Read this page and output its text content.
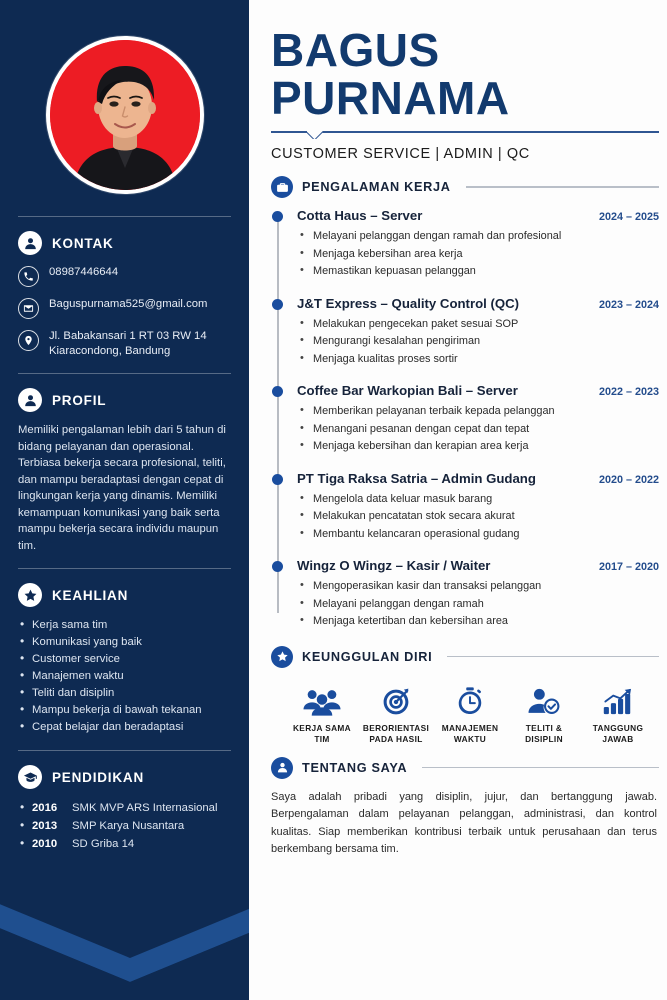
KONTAK
08987446644
Baguspurnama525@gmail.com
Jl. Babakansari 1 RT 03 RW 14
Kiaracondong, Bandung
PROFIL

Memiliki pengalaman lebih dari 5 tahun di bidang pelayanan dan operasional. Terbiasa bekerja secara profesional, teliti, dan mampu beradaptasi dengan cepat di lingkungan kerja yang dinamis. Memiliki kemampuan komunikasi yang baik serta mampu bekerja secara individu maupun tim.

KEAHLIAN
• Kerja sama tim
• Komunikasi yang baik
• Customer service
• Manajemen waktu
• Teliti dan disiplin
• Mampu bekerja di bawah tekanan
• Cepat belajar dan beradaptasi
PENDIDIKAN
• 2016 SMK MVP ARS Internasional
• 2013 SMP Karya Nusantara
• 2010 SD Griba 14
BAGUS
PURNAMA
CUSTOMER SERVICE | ADMIN | QC
PENGALAMAN KERJA
Cotta Haus – Server	2024 – 2025
• Melayani pelanggan dengan ramah dan profesional
• Menjaga kebersihan area kerja
• Memastikan kepuasan pelanggan
J&T Express – Quality Control (QC)	2023 – 2024
• Melakukan pengecekan paket sesuai SOP
• Mengurangi kesalahan pengiriman
• Menjaga kualitas proses sortir
Coffee Bar Warkopian Bali – Server	2022 – 2023
• Memberikan pelayanan terbaik kepada pelanggan
• Menangani pesanan dengan cepat dan tepat
• Menjaga kebersihan dan kerapian area kerja
PT Tiga Raksa Satria – Admin Gudang	2020 – 2022
• Mengelola data keluar masuk barang
• Melakukan pencatatan stok secara akurat
• Membantu kelancaran operasional gudang
Wingz O Wingz – Kasir / Waiter	2017 – 2020
• Mengoperasikan kasir dan transaksi pelanggan
• Melayani pelanggan dengan ramah
• Menjaga ketertiban dan kebersihan area
KEUNGGULAN DIRI
KERJA SAMA
TIM
BERORIENTASI
PADA HASIL
MANAJEMEN
WAKTU
TELITI &
DISIPLIN
TANGGUNG
JAWAB
TENTANG SAYA

Saya adalah pribadi yang disiplin, jujur, dan bertanggung jawab. Berpengalaman dalam pelayanan pelanggan, administrasi, dan kontrol kualitas. Siap memberikan kontribusi terbaik untuk perusahaan dan terus berkembang bersama tim.
